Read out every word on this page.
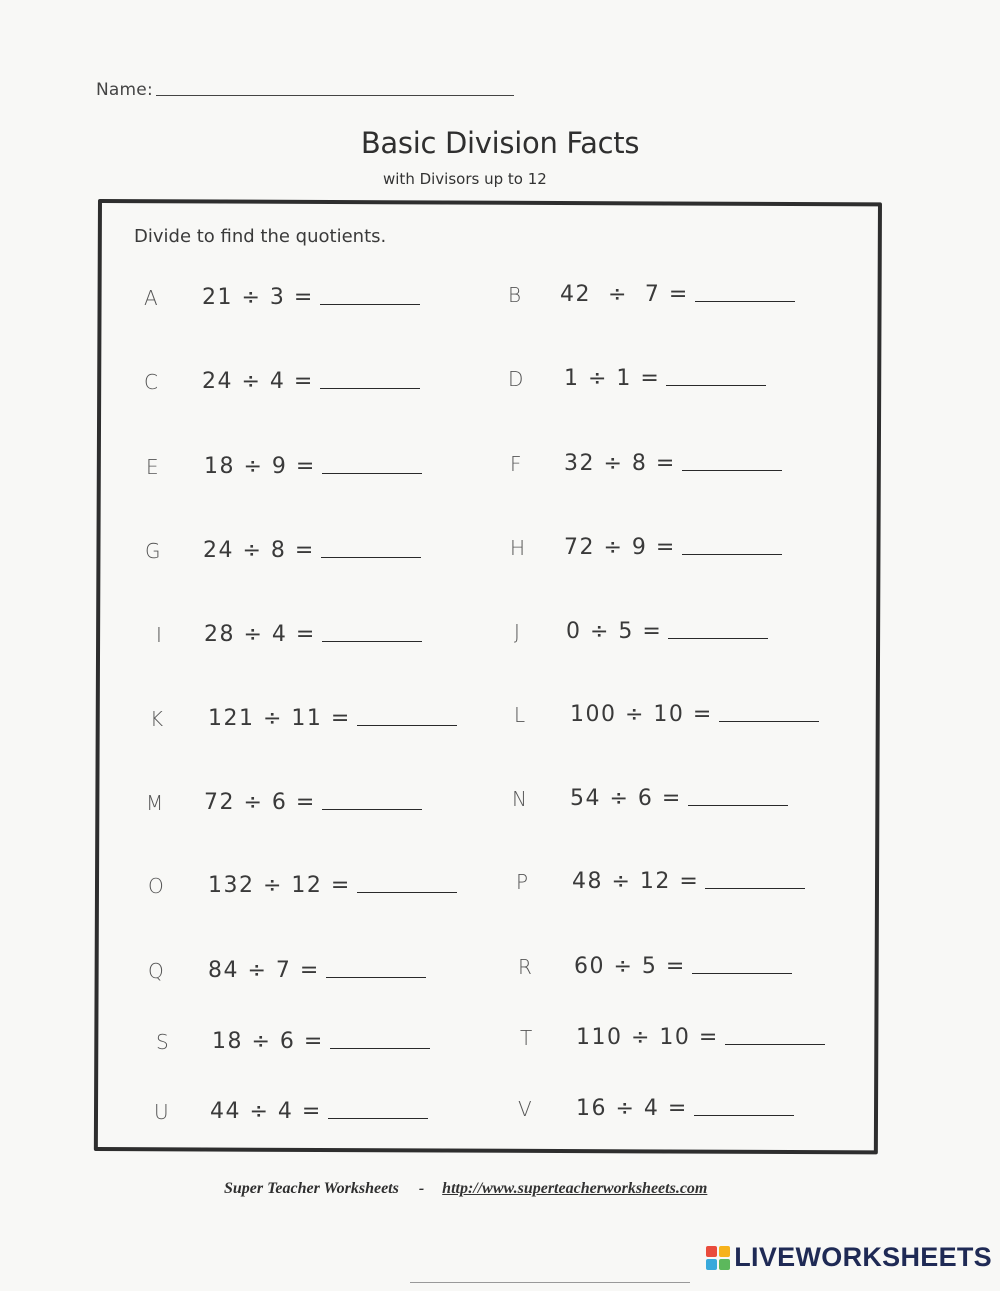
Name:
Basic Division Facts
with Divisors up to 12
Divide to find the quotients.
A	21 ÷ 3 =	B	42  ÷  7 =
C	24 ÷ 4 =	D	1 ÷ 1 =
E	18 ÷ 9 =	F	32 ÷ 8 =
G	24 ÷ 8 =	H	72 ÷ 9 =
I	28 ÷ 4 =	J	0 ÷ 5 =
K	121 ÷ 11 =	L	100 ÷ 10 =
M	72 ÷ 6 =	N	54 ÷ 6 =
O	132 ÷ 12 =	P	48 ÷ 12 =
Q	84 ÷ 7 =	R	60 ÷ 5 =
S	18 ÷ 6 =	T	110 ÷ 10 =
U	44 ÷ 4 =	V	16 ÷ 4 =
Super Teacher Worksheets - http://www.superteacherworksheets.com
LIVEWORKSHEETS
